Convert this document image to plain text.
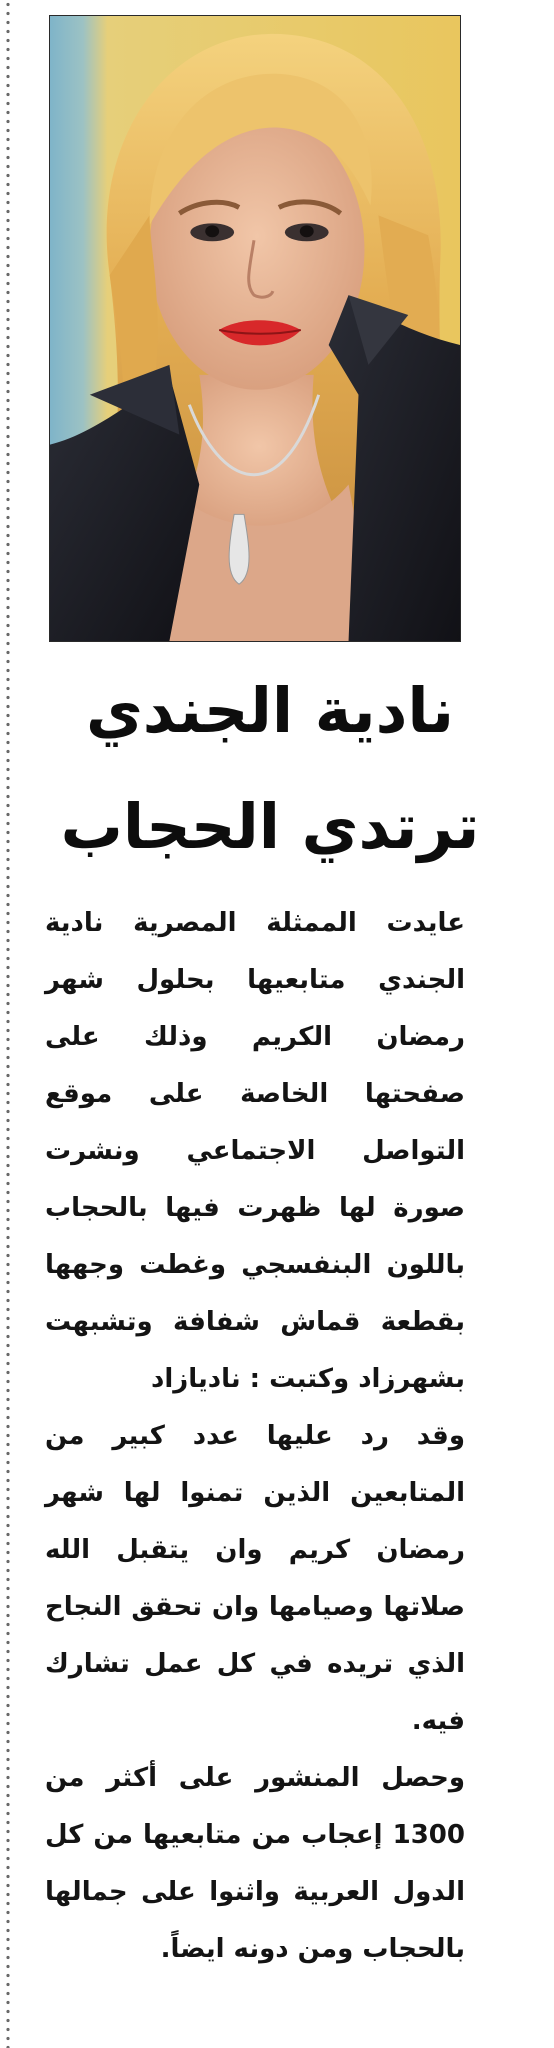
نادية الجندي
ترتدي الحجاب

عايدت الممثلة المصرية نادية الجندي متابعيها بحلول شهر رمضان الكريم وذلك على صفحتها الخاصة على موقع التواصل الاجتماعي ونشرت صورة لها ظهرت فيها بالحجاب باللون البنفسجي وغطت وجهها بقطعة قماش شفافة وتشبهت بشهرزاد وكتبت : نادیازاد

وقد رد عليها عدد كبير من المتابعين الذين تمنوا لها شهر رمضان كريم وان يتقبل الله صلاتها وصيامها وان تحقق النجاح الذي تريده في كل عمل تشارك فيه.

وحصل المنشور على أكثر من 1300 إعجاب من متابعيها من كل الدول العربية واثنوا على جمالها بالحجاب ومن دونه ايضاً.
